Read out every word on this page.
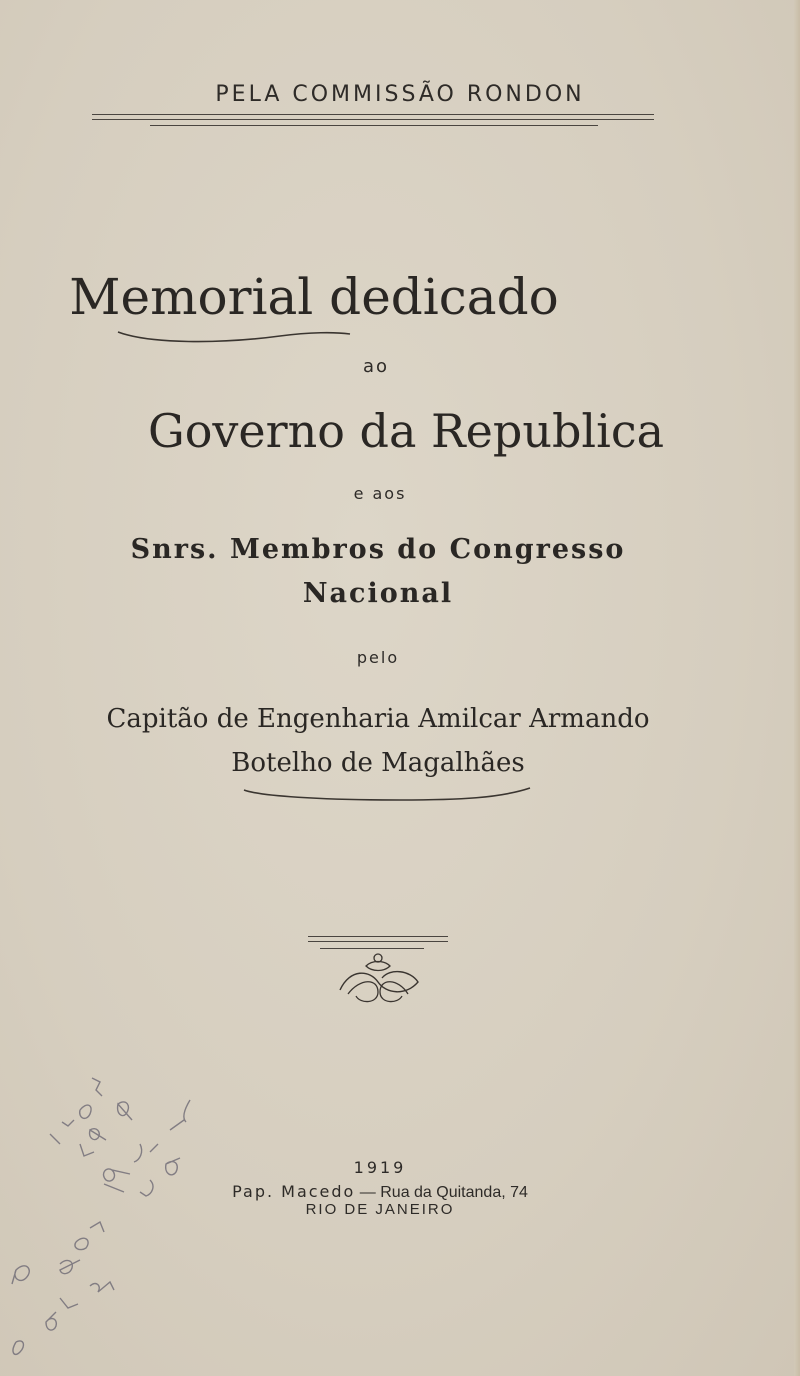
PELA COMMISSÃO RONDON
Memorial dedicado
ao
Governo da Republica
e aos
Snrs. Membros do Congresso
Nacional
pelo
Capitão de Engenharia Amilcar Armando
Botelho de Magalhães
1919
Pap. Macedo — Rua da Quitanda, 74
RIO DE JANEIRO
